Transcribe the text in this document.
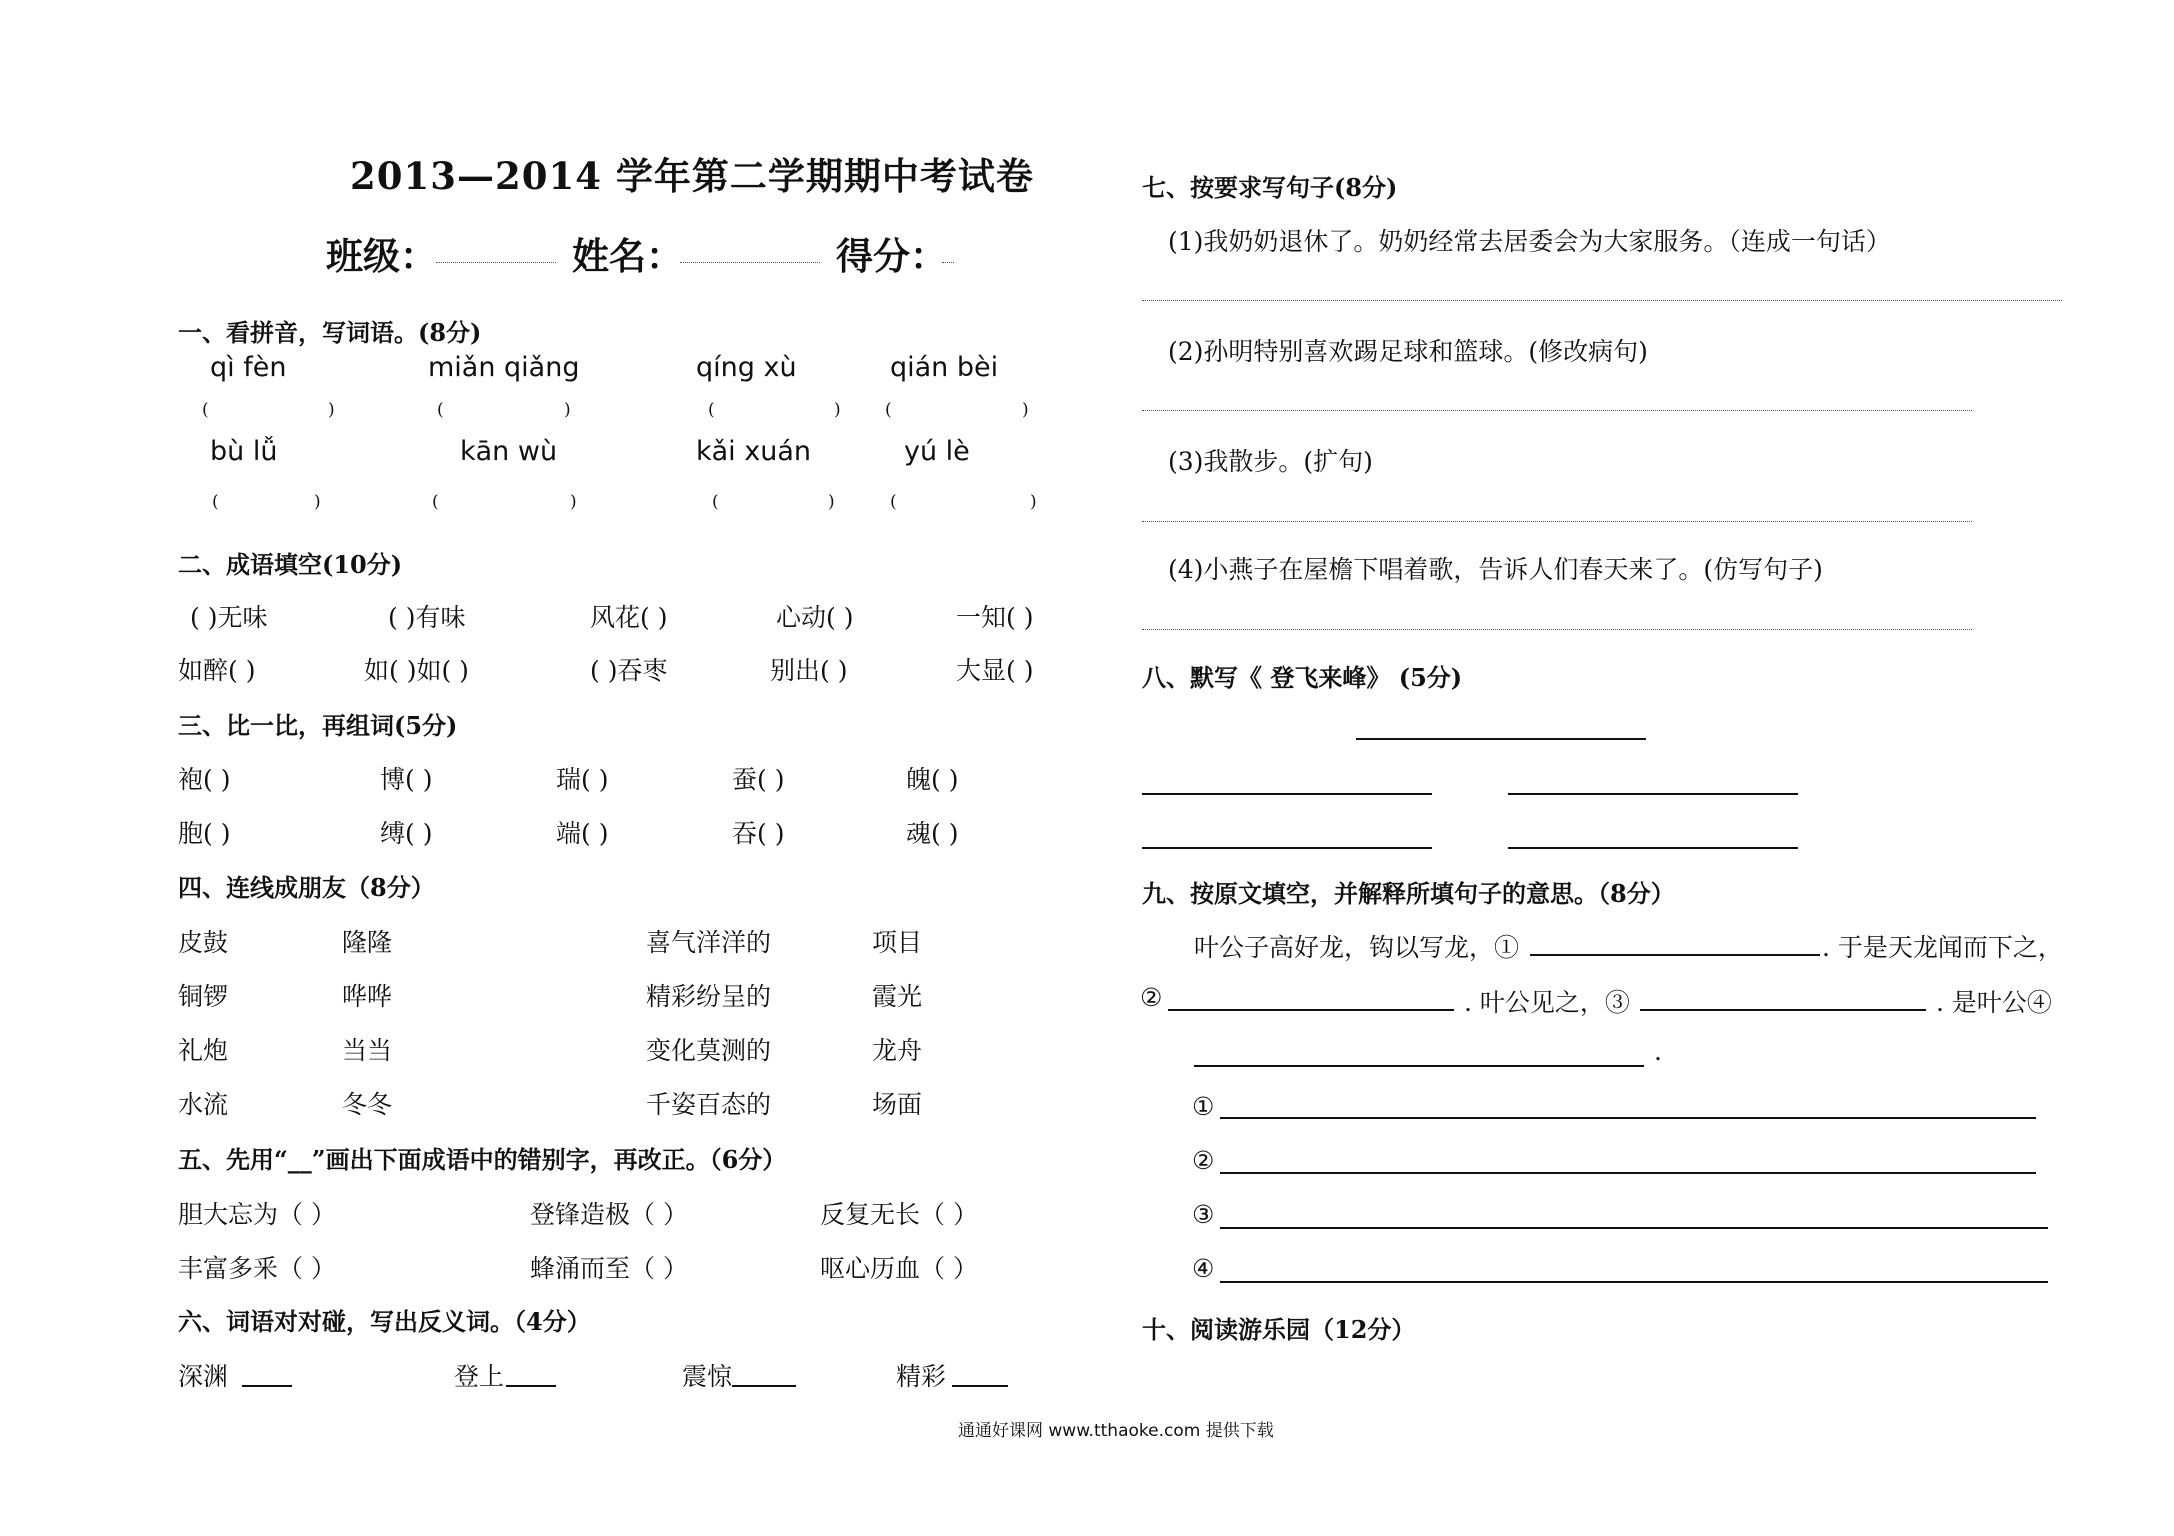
2013—2014 学年第二学期期中考试卷
班级：	姓名：	得分：
一、看拼音，写词语。(8分)
qì fèn	miǎn qiǎng	qíng xù	qián bèi
(	)	(	)	(	)	(	)
bù lǚ	kān wù	kǎi xuán	yú lè
(	)	(	)	(	)	(	)
二、成语填空(10分)
( )无味	( )有味	风花( )	心动( )	一知( )
如醉( )	如( )如( )	( )吞枣	别出( )	大显( )
三、比一比，再组词(5分)
袍( )	博( )	瑞( )	蚕( )	魄( )
胞( )	缚( )	端( )	吞( )	魂( )
四、连线成朋友（8分）
皮鼓	隆隆	喜气洋洋的	项目
铜锣	哗哗	精彩纷呈的	霞光
礼炮	当当	变化莫测的	龙舟
水流	冬冬	千姿百态的	场面
五、先用“__”画出下面成语中的错别字，再改正。（6分）
胆大忘为（ ）	登锋造极（ ）	反复无长（ ）
丰富多釆（ ）	蜂涌而至（ ）	呕心历血（ ）
六、词语对对碰，写出反义词。（4分）
深渊	登上	震惊	精彩
七、按要求写句子(8分)
(1)我奶奶退休了。奶奶经常去居委会为大家服务。（连成一句话）
(2)孙明特别喜欢踢足球和篮球。(修改病句)
(3)我散步。(扩句)
(4)小燕子在屋檐下唱着歌，告诉人们春天来了。(仿写句子)
八、默写《 登飞来峰》 (5分)
九、按原文填空，并解释所填句子的意思。（8分）
叶公子高好龙，钩以写龙，①	. 于是天龙闻而下之，
②	. 叶公见之，③	. 是叶公④
.
①
②
③
④
十、阅读游乐园（12分）
通通好课网 www.tthaoke.com 提供下载
